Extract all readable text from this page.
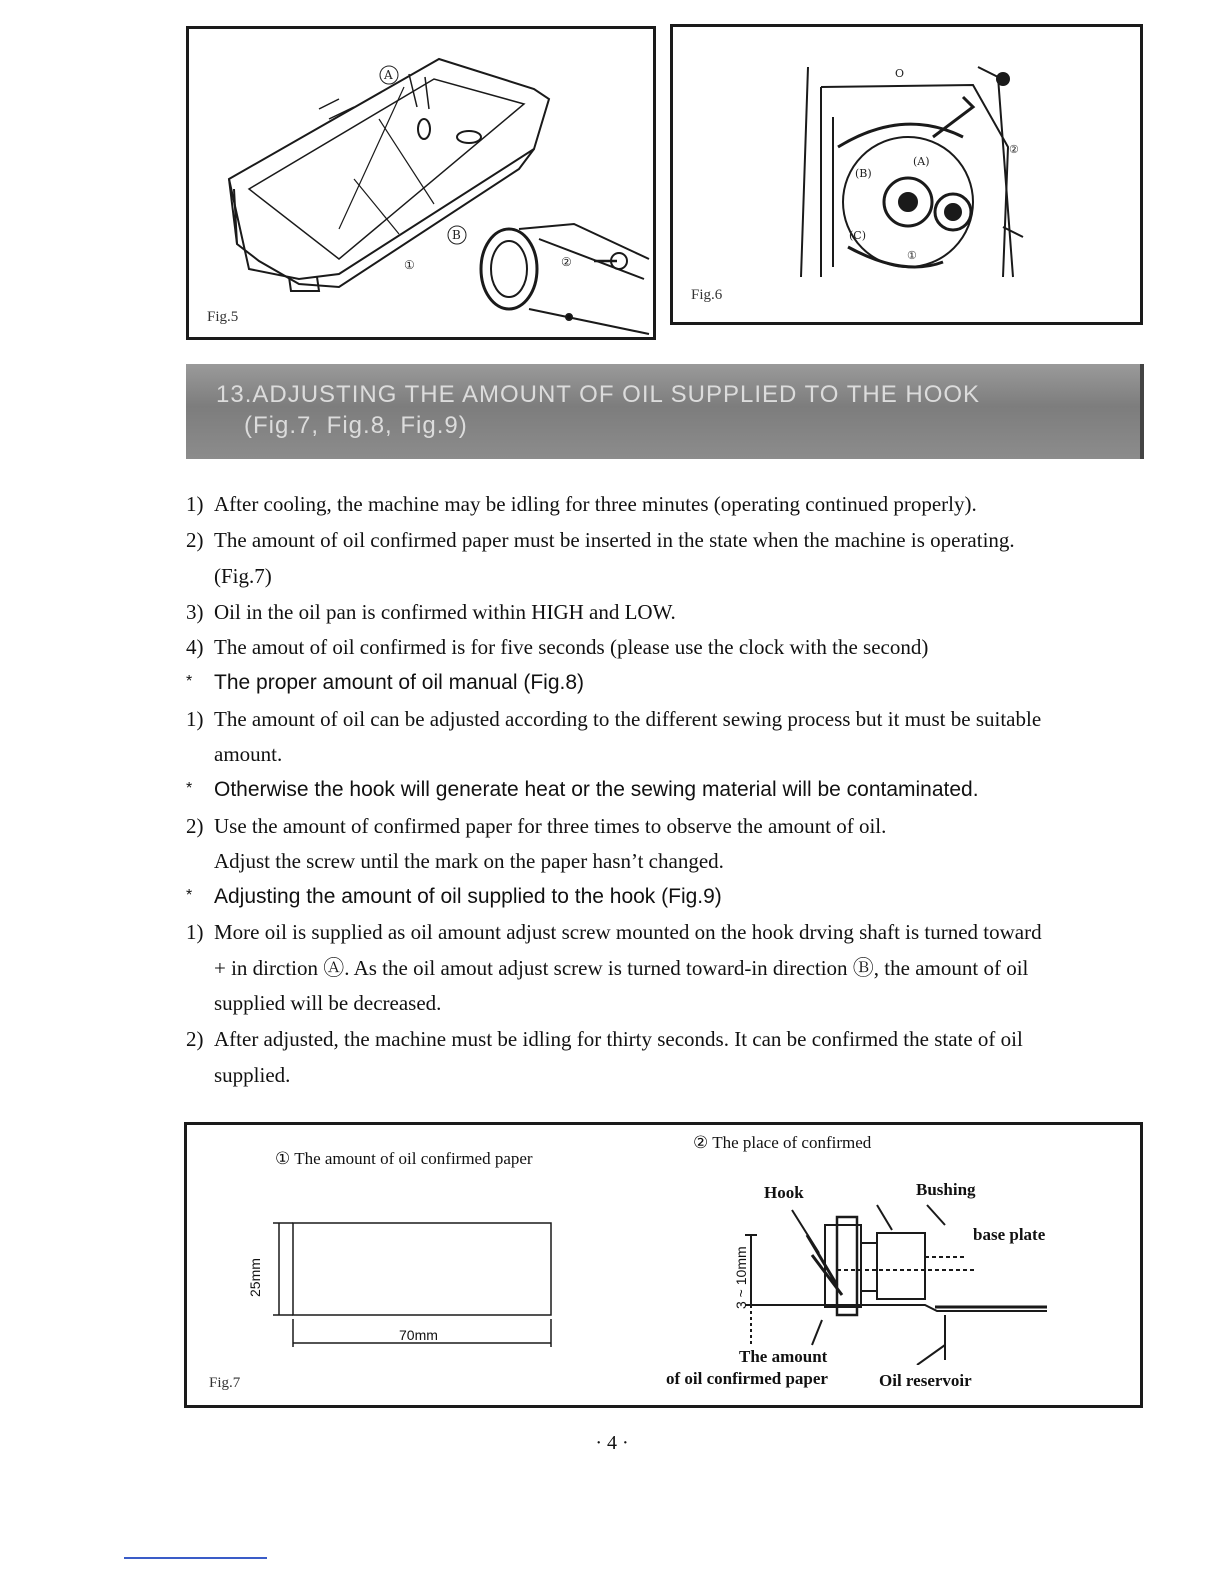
A
B
①	②
Fig.5
O
(B)
(A)
(C)
①
②
Fig.6
13.ADJUSTING THE AMOUNT OF OIL SUPPLIED TO THE HOOK
(Fig.7, Fig.8, Fig.9)
1) After cooling, the machine may be idling for three minutes (operating continued properly).
2) The amount of oil confirmed paper must be inserted in the state when the machine is operating.
(Fig.7)
3) Oil in the oil pan is confirmed within HIGH and LOW.
4) The amout of oil confirmed is for five seconds (please use the clock with the second)
* The proper amount of oil manual (Fig.8)
1) The amount of oil can be adjusted according to the different sewing process but it must be suitable
amount.
* Otherwise the hook will generate heat or the sewing material will be contaminated.
2) Use the amount of confirmed paper for three times to observe the amount of oil.
Adjust the screw until the mark on the paper hasn’t changed.
* Adjusting the amount of oil supplied to the hook (Fig.9)
1) More oil is supplied as oil amount adjust screw mounted on the hook drving shaft is turned toward
+ in dirction Ⓐ. As the oil amout adjust screw is turned toward-in direction Ⓑ, the amount of oil
supplied will be decreased.
2) After adjusted, the machine must be idling for thirty seconds. It can be confirmed the state of oil
supplied.
① The amount of oil confirmed paper
25mm
70mm
② The place of confirmed
Hook	Bushing
base plate
3 ~ 10mm
The amount
of oil confirmed paper	Oil reservoir
Fig.7
· 4 ·
